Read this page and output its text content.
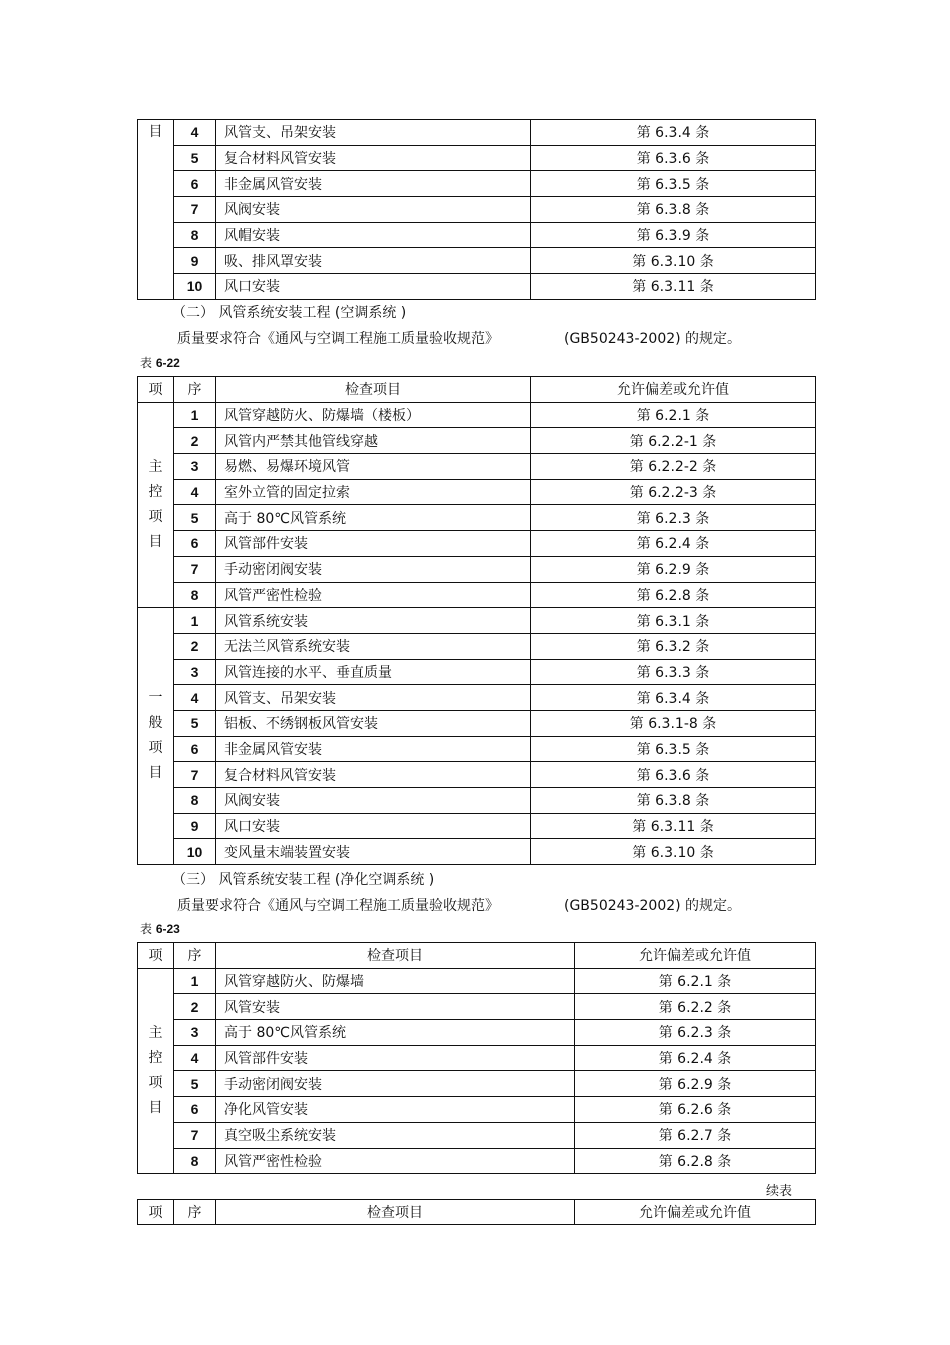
目	4	风管支、吊架安装	第 6.3.4 条
	5	复合材料风管安装	第 6.3.6 条
	6	非金属风管安装	第 6.3.5 条
	7	风阀安装	第 6.3.8 条
	8	风帽安装	第 6.3.9 条
	9	吸、排风罩安装	第 6.3.10 条
	10	风口安装	第 6.3.11 条
（二） 风管系统安装工程 (空调系统 )
质量要求符合《通风与空调工程施工质量验收规范》	(GB50243-2002) 的规定。
表 6-22
项	序	检查项目	允许偏差或允许值
主
控
项
目	1	风管穿越防火、防爆墙（楼板）	第 6.2.1 条
	2	风管内严禁其他管线穿越	第 6.2.2-1 条
	3	易燃、易爆环境风管	第 6.2.2-2 条
	4	室外立管的固定拉索	第 6.2.2-3 条
	5	高于 80℃风管系统	第 6.2.3 条
	6	风管部件安装	第 6.2.4 条
	7	手动密闭阀安装	第 6.2.9 条
	8	风管严密性检验	第 6.2.8 条
一
般
项
目	1	风管系统安装	第 6.3.1 条
	2	无法兰风管系统安装	第 6.3.2 条
	3	风管连接的水平、垂直质量	第 6.3.3 条
	4	风管支、吊架安装	第 6.3.4 条
	5	铝板、不绣钢板风管安装	第 6.3.1-8 条
	6	非金属风管安装	第 6.3.5 条
	7	复合材料风管安装	第 6.3.6 条
	8	风阀安装	第 6.3.8 条
	9	风口安装	第 6.3.11 条
	10	变风量末端装置安装	第 6.3.10 条
（三） 风管系统安装工程 (净化空调系统 )
质量要求符合《通风与空调工程施工质量验收规范》	(GB50243-2002) 的规定。
表 6-23
项	序	检查项目	允许偏差或允许值
主
控
项
目	1	风管穿越防火、防爆墙	第 6.2.1 条
	2	风管安装	第 6.2.2 条
	3	高于 80℃风管系统	第 6.2.3 条
	4	风管部件安装	第 6.2.4 条
	5	手动密闭阀安装	第 6.2.9 条
	6	净化风管安装	第 6.2.6 条
	7	真空吸尘系统安装	第 6.2.7 条
	8	风管严密性检验	第 6.2.8 条
续表
项	序	检查项目	允许偏差或允许值
